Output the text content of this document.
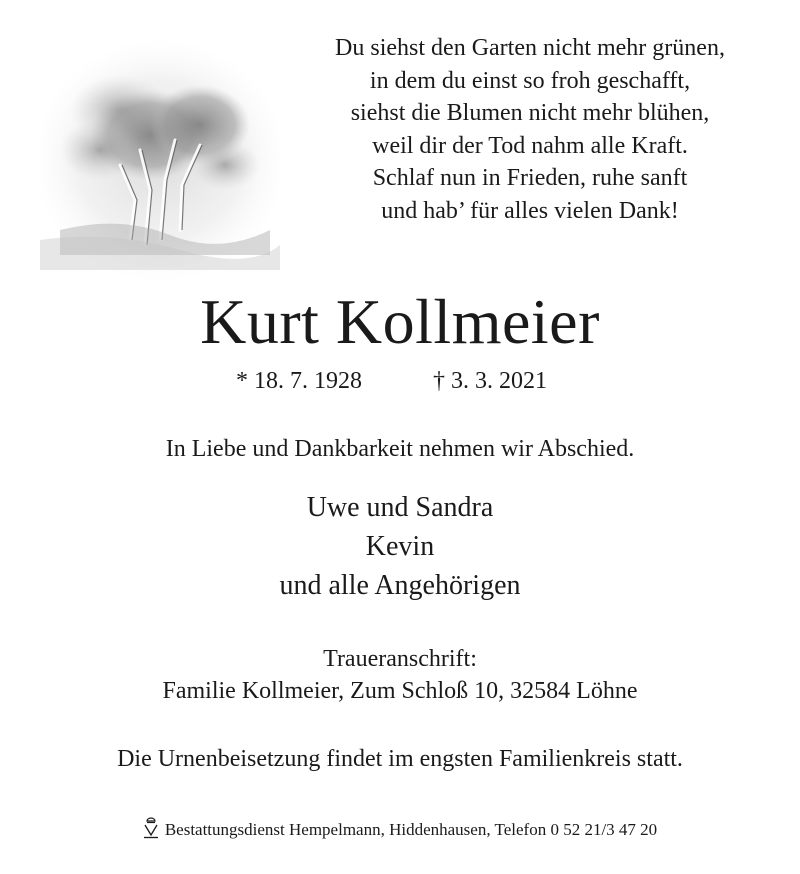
Du siehst den Garten nicht mehr grünen,
in dem du einst so froh geschafft,
siehst die Blumen nicht mehr blühen,
weil dir der Tod nahm alle Kraft.
Schlaf nun in Frieden, ruhe sanft
und hab’ für alles vielen Dank!
Kurt Kollmeier
* 18. 7. 1928	† 3. 3. 2021
In Liebe und Dankbarkeit nehmen wir Abschied.
Uwe und Sandra
Kevin
und alle Angehörigen
Traueranschrift:
Familie Kollmeier, Zum Schloß 10, 32584 Löhne
Die Urnenbeisetzung findet im engsten Familienkreis statt.
Bestattungsdienst Hempelmann, Hiddenhausen, Telefon 0 52 21/3 47 20
